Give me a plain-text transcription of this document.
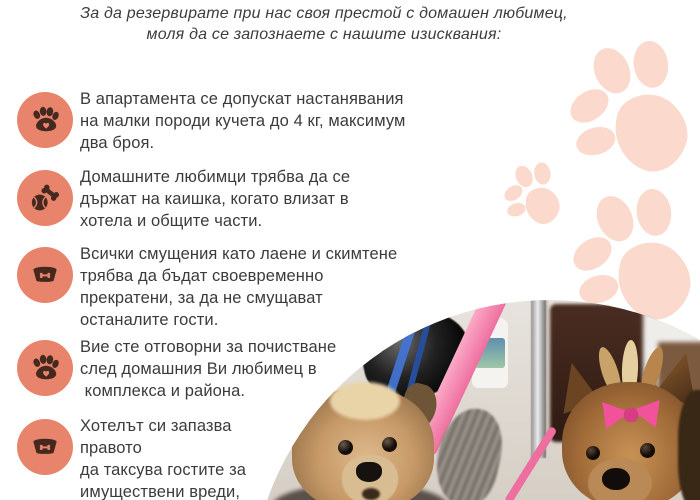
За да резервирате при нас своя престой с домашен любимец,
моля да се запознаете с нашите изисквания:
В апартамента се допускат настанявания
на малки породи кучета до 4 кг, максимум
два броя.
Домашните любимци трябва да се
държат на каишка, когато влизат в
хотела и общите части.
Всички смущения като лаене и скимтене
трябва да бъдат своевременно
прекратени, за да не смущават
останалите гости.
Вие сте отговорни за почистване
след домашния Ви любимец в
комплекса и района.
Хотелът си запазва
правото
да таксува гостите за
имуществени вреди,
